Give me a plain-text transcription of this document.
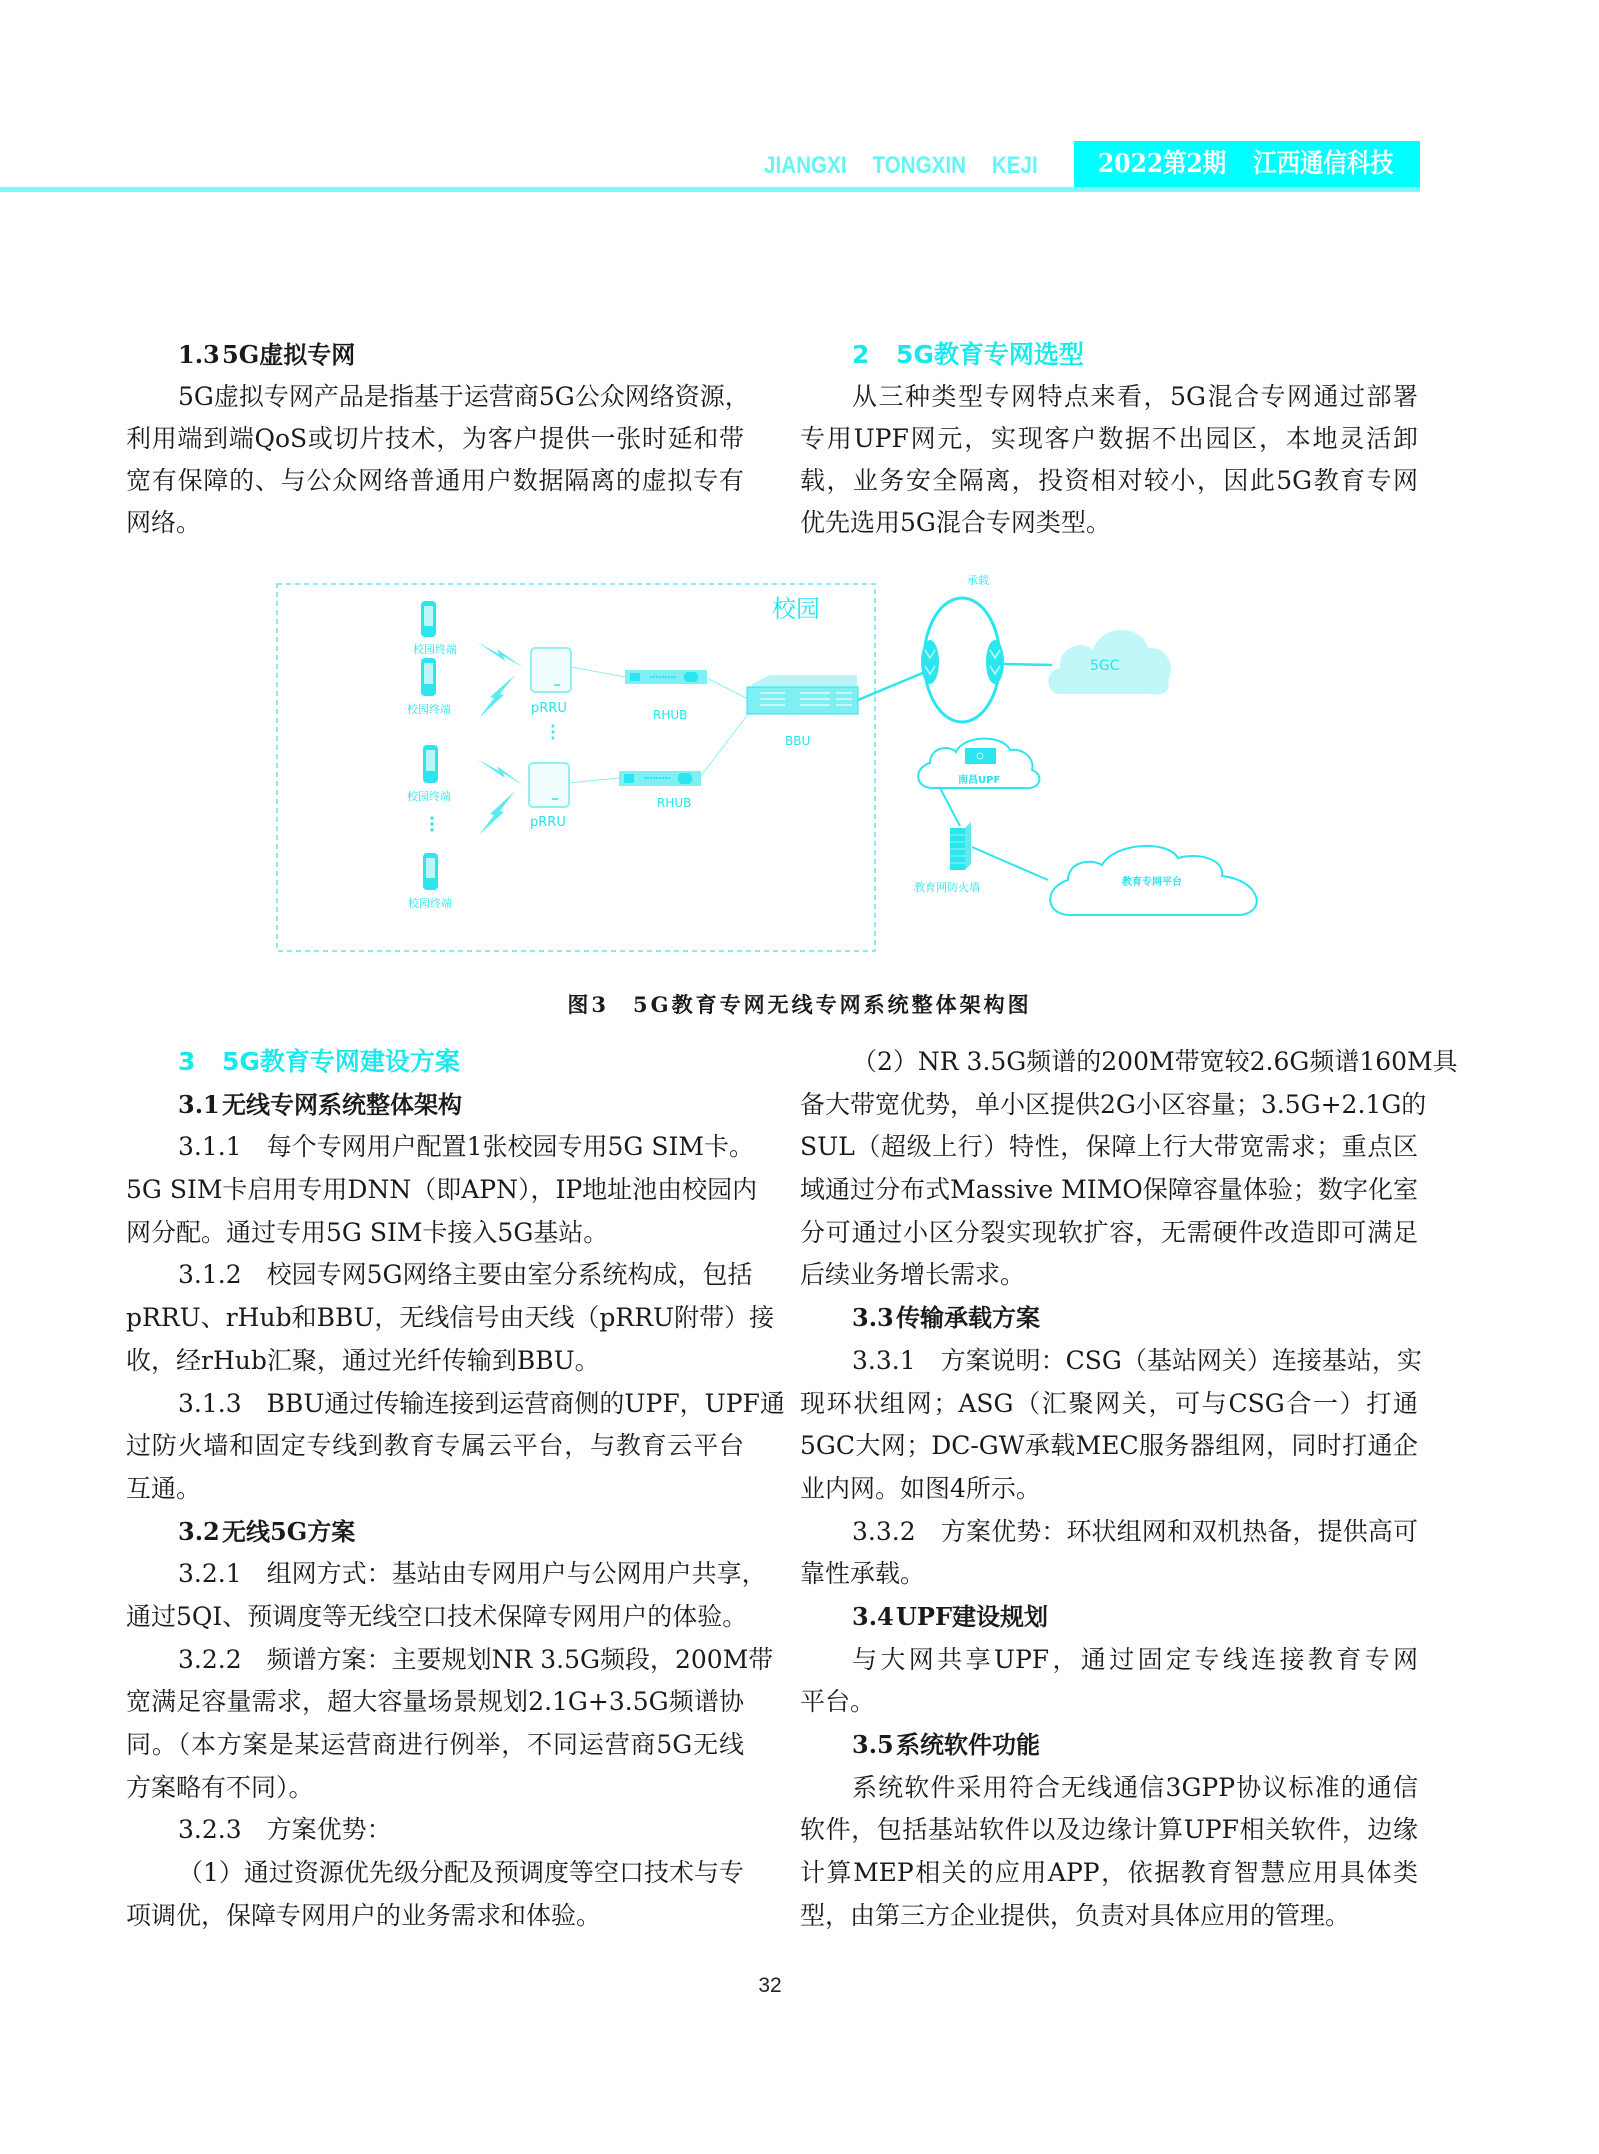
JIANGXI TONGXIN KEJI	2022第2期 江西通信科技
1.35G虚拟专网
5G虚拟专网产品是指基于运营商5G公众网络资源，
利用端到端QoS或切片技术，为客户提供一张时延和带
宽有保障的、与公众网络普通用户数据隔离的虚拟专有
网络。
2 5G教育专网选型
从三种类型专网特点来看，5G混合专网通过部署
专用UPF网元，实现客户数据不出园区，本地灵活卸
载，业务安全隔离，投资相对较小，因此5G教育专网
优先选用5G混合专网类型。
校园
校园终端
校园终端
校园终端
校园终端
pRRU
pRRU
RHUB
RHUB
BBU
承载
5GC
南昌UPF
教育网防火墙	教育专网平台
图3 5G教育专网无线专网系统整体架构图
3 5G教育专网建设方案
3.1无线专网系统整体架构
3.1.1　每个专网用户配置1张校园专用5G SIM卡。
5G SIM卡启用专用DNN（即APN），IP地址池由校园内
网分配。通过专用5G SIM卡接入5G基站。
3.1.2　校园专网5G网络主要由室分系统构成，包括
pRRU、rHub和BBU，无线信号由天线（pRRU附带）接
收，经rHub汇聚，通过光纤传输到BBU。
3.1.3　BBU通过传输连接到运营商侧的UPF，UPF通
过防火墙和固定专线到教育专属云平台，与教育云平台
互通。
3.2无线5G方案
3.2.1　组网方式：基站由专网用户与公网用户共享，
通过5QI、预调度等无线空口技术保障专网用户的体验。
3.2.2　频谱方案：主要规划NR 3.5G频段，200M带
宽满足容量需求，超大容量场景规划2.1G+3.5G频谱协
同。（本方案是某运营商进行例举，不同运营商5G无线
方案略有不同）。
3.2.3　方案优势：
（1）通过资源优先级分配及预调度等空口技术与专
项调优，保障专网用户的业务需求和体验。
（2）NR 3.5G频谱的200M带宽较2.6G频谱160M具
备大带宽优势，单小区提供2G小区容量；3.5G+2.1G的
SUL（超级上行）特性，保障上行大带宽需求；重点区
域通过分布式Massive MIMO保障容量体验；数字化室
分可通过小区分裂实现软扩容，无需硬件改造即可满足
后续业务增长需求。
3.3传输承载方案
3.3.1　方案说明：CSG（基站网关）连接基站，实
现环状组网；ASG（汇聚网关，可与CSG合一）打通
5GC大网；DC-GW承载MEC服务器组网，同时打通企
业内网。如图4所示。
3.3.2　方案优势：环状组网和双机热备，提供高可
靠性承载。
3.4UPF建设规划
与大网共享UPF，通过固定专线连接教育专网
平台。
3.5系统软件功能
系统软件采用符合无线通信3GPP协议标准的通信
软件，包括基站软件以及边缘计算UPF相关软件，边缘
计算MEP相关的应用APP，依据教育智慧应用具体类
型，由第三方企业提供，负责对具体应用的管理。
32
